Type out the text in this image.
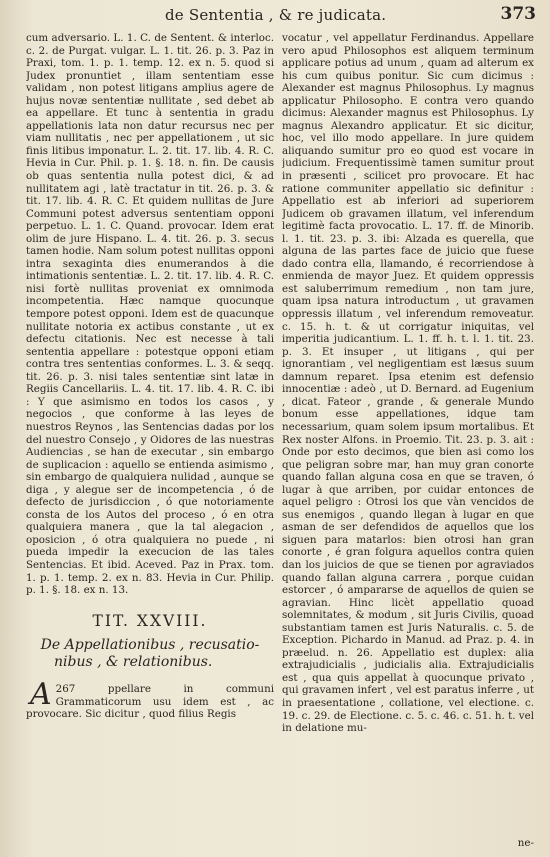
de Sententia , & re judicata.	373

cum adversario. L. 1. C. de Sentent. & interloc. c. 2. de Purgat. vulgar. L. 1. tit. 26. p. 3. Paz in Praxi, tom. 1. p. 1. temp. 12. ex n. 5. quod si Judex pronuntiet , illam sententiam esse validam , non potest litigans amplius agere de hujus novæ sententiæ nullitate , sed debet ab ea appellare. Et tunc à sententia in gradu appellationis lata non datur recursus nec per viam nullitatis , nec per appellationem , ut sic finis litibus imponatur. L. 2. tit. 17. lib. 4. R. C. Hevia in Cur. Phil. p. 1. §. 18. n. fin. De causis ob quas sententia nulla potest dici, & ad nullitatem agi , latè tractatur in tit. 26. p. 3. & tit. 17. lib. 4. R. C. Et quidem nullitas de Jure Communi potest adversus sententiam opponi perpetuo. L. 1. C. Quand. provocar. Idem erat olim de jure Hispano. L. 4. tit. 26. p. 3. secus tamen hodie. Nam solum potest nullitas opponi intra sexaginta dies enumerandos à die intimationis sententiæ. L. 2. tit. 17. lib. 4. R. C. nisi fortè nullitas proveniat ex omnimoda incompetentia. Hæc namque quocunque tempore potest opponi. Idem est de quacunque nullitate notoria ex actibus constante , ut ex defectu citationis. Nec est necesse à tali sententia appellare : potestque opponi etiam contra tres sententias conformes. L. 3. & seqq. tit. 26. p. 3. nisi tales sententiæ sint latæ in Regiis Cancellariis. L. 4. tit. 17. lib. 4. R. C. ibi : Y que asimismo en todos los casos , y negocios , que conforme à las leyes de nuestros Reynos , las Sentencias dadas por los del nuestro Consejo , y Oidores de las nuestras Audiencias , se han de executar , sin embargo de suplicacion : aquello se entienda asimismo , sin embargo de qualquiera nulidad , aunque se diga , y alegue ser de incompetencia , ó de defecto de jurisdiccion , ó que notoriamente consta de los Autos del proceso , ó en otra qualquiera manera , que la tal alegacion , oposicion , ó otra qualquiera no puede , ni pueda impedir la execucion de las tales Sentencias. Et ibid. Aceved. Paz in Prax. tom. 1. p. 1. temp. 2. ex n. 83. Hevia in Cur. Philip. p. 1. §. 18. ex n. 13.

TIT. XXVIII.
De Appellationibus , recusatio-

nibus , & relationibus.

267
A	ppellare in communi Grammaticorum usu idem est , ac provocare. Sic dicitur , quod filius Regis

vocatur , vel appellatur Ferdinandus. Appellare vero apud Philosophos est aliquem terminum applicare potius ad unum , quam ad alterum ex his cum quibus ponitur. Sic cum dicimus : Alexander est magnus Philosophus. Ly magnus applicatur Philosopho. E contra vero quando dicimus: Alexander magnus est Philosophus. Ly magnus Alexandro applicatur. Et sic dicitur, hoc, vel illo modo appellare. In jure quidem aliquando sumitur pro eo quod est vocare in judicium. Frequentissimè tamen sumitur prout in præsenti , scilicet pro provocare. Et hac ratione communiter appellatio sic definitur : Appellatio est ab inferiori ad superiorem Judicem ob gravamen illatum, vel inferendum legitimè facta provocatio. L. 17. ff. de Minorib. l. 1. tit. 23. p. 3. ibi: Alzada es querella, que alguna de las partes face de juicio que fuese dado contra ella, llamando, é recorriendose à enmienda de mayor Juez. Et quidem oppressis est saluberrimum remedium , non tam jure, quam ipsa natura introductum , ut gravamen oppressis illatum , vel inferendum removeatur. c. 15. h. t. & ut corrigatur iniquitas, vel imperitia judicantium. L. 1. ff. h. t. l. 1. tit. 23. p. 3. Et insuper , ut litigans , qui per ignorantiam , vel negligentiam est læsus suum damnum reparet. Ipsa etenim est defensio innocentiæ : adeò , ut D. Bernard. ad Eugenium , dicat. Fateor , grande , & generale Mundo bonum esse appellationes, idque tam necessarium, quam solem ipsum mortalibus. Et Rex noster Alfons. in Proemio. Tit. 23. p. 3. ait : Onde por esto decimos, que bien asi como los que peligran sobre mar, han muy gran conorte quando fallan alguna cosa en que se traven, ó lugar à que arriben, por cuidar entonces de aquel peligro : Otrosi los que vàn vencidos de sus enemigos , quando llegan à lugar en que asman de ser defendidos de aquellos que los siguen para matarlos: bien otrosi han gran conorte , é gran folgura aquellos contra quien dan los juicios de que se tienen por agraviados quando fallan alguna carrera , porque cuidan estorcer , ó ampararse de aquellos de quien se agravian. Hinc licèt appellatio quoad solemnitates, & modum , sit Juris Civilis, quoad substantiam tamen est Juris Naturalis. c. 5. de Exception. Pichardo in Manud. ad Praz. p. 4. in præelud. n. 26. Appellatio est duplex: alia extrajudicialis , judicialis alia. Extrajudicialis est , qua quis appellat à quocunque privato , qui gravamen infert , vel est paratus inferre , ut in praesentatione , collatione, vel electione. c. 19. c. 29. de Electione. c. 5. c. 46. c. 51. h. t. vel in delatione mu-

ne-
